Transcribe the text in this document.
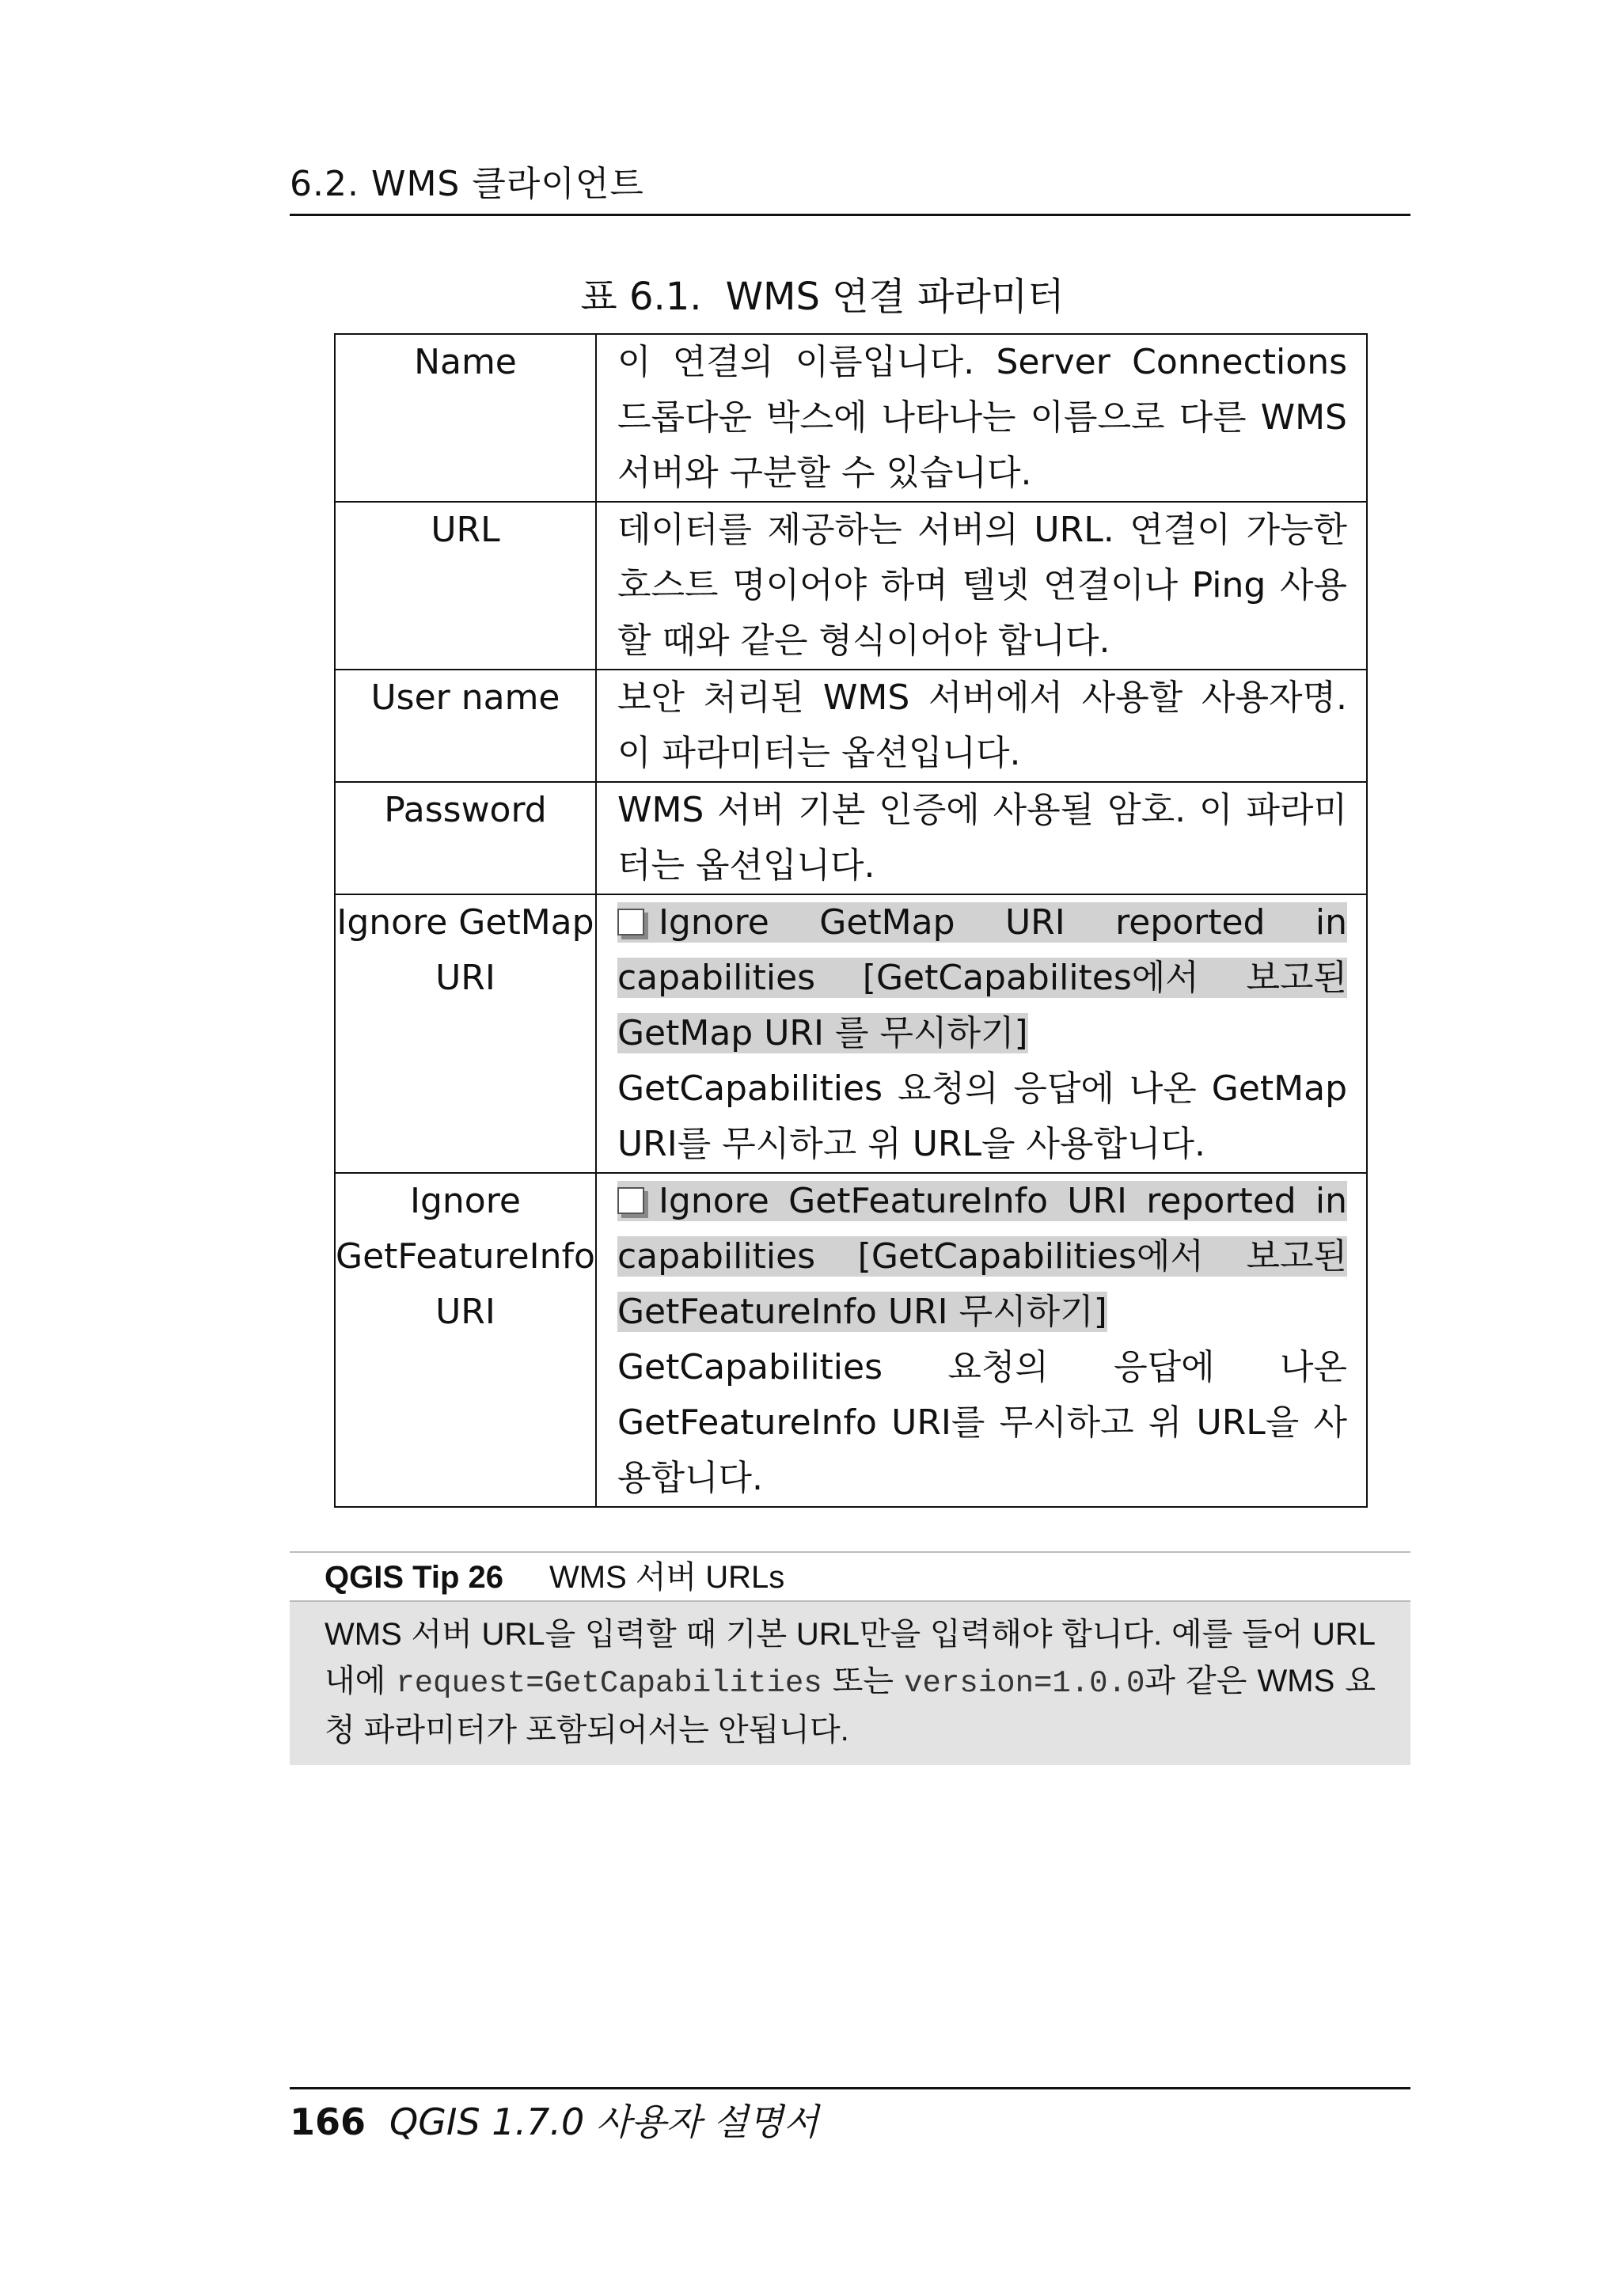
6.2. WMS 클라이언트
표 6.1. WMS 연결 파라미터
Name	이 연결의 이름입니다. Server Connections 드롭다운 박스에 나타나는 이름으로 다른 WMS 서버와 구분할 수 있습니다.
URL	데이터를 제공하는 서버의 URL. 연결이 가능한 호스트 명이어야 하며 텔넷 연결이나 Ping 사용할 때와 같은 형식이어야 합니다.
User name	보안 처리된 WMS 서버에서 사용할 사용자명. 이 파라미터는 옵션입니다.
Password	WMS 서버 기본 인증에 사용될 암호. 이 파라미터는 옵션입니다.
Ignore GetMap URI	Ignore GetMap URI reported in capabilities [GetCapabilites에서 보고된 GetMap URI 를 무시하기]
GetCapabilities 요청의 응답에 나온 GetMap URI를 무시하고 위 URL을 사용합니다.

Ignore GetFeatureInfo URI	Ignore GetFeatureInfo URI reported in capabilities [GetCapabilities에서 보고된 GetFeatureInfo URI 무시하기]
GetCapabilities 요청의 응답에 나온 GetFeatureInfo URI를 무시하고 위 URL을 사용합니다.
QGIS Tip 26 WMS 서버 URLs
WMS 서버 URL을 입력할 때 기본 URL만을 입력해야 합니다. 예를 들어 URL 내에 request=GetCapabilities 또는 version=1.0.0과 같은 WMS 요청 파라미터가 포함되어서는 안됩니다.
166 QGIS 1.7.0 사용자 설명서
